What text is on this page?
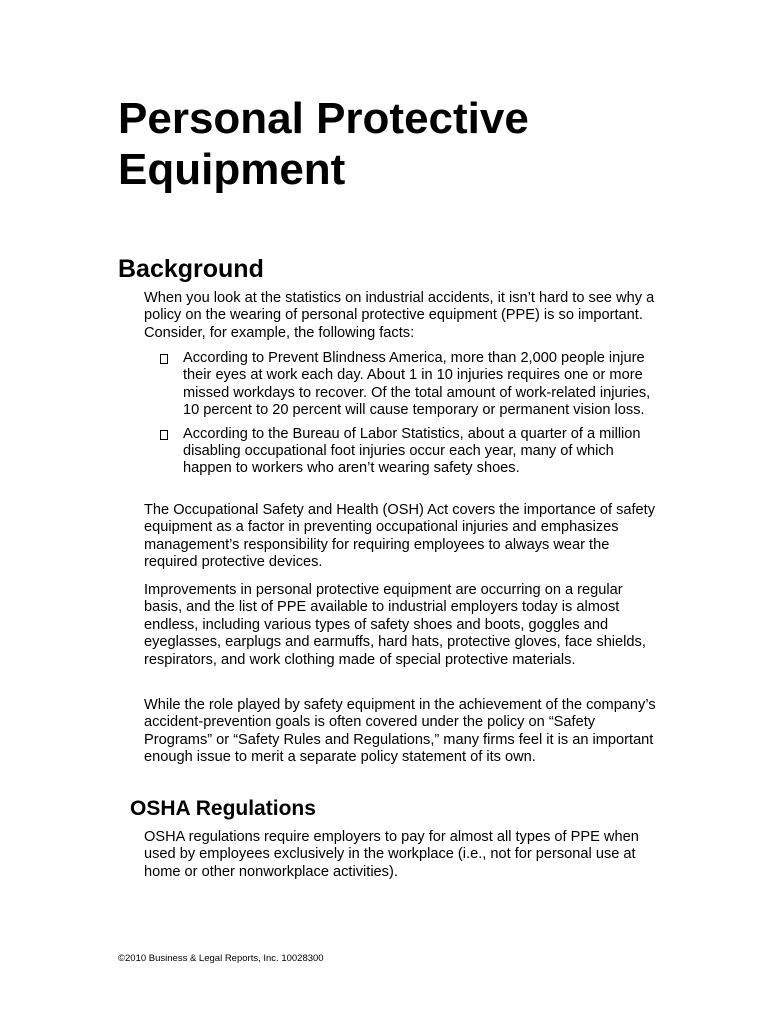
Personal Protective Equipment
Background

When you look at the statistics on industrial accidents, it isn’t hard to see why a policy on the wearing of personal protective equipment (PPE) is so important. Consider, for example, the following facts:

According to Prevent Blindness America, more than 2,000 people injure their eyes at work each day. About 1 in 10 injuries requires one or more missed workdays to recover. Of the total amount of work-related injuries, 10 percent to 20 percent will cause temporary or permanent vision loss.
According to the Bureau of Labor Statistics, about a quarter of a million disabling occupational foot injuries occur each year, many of which happen to workers who aren’t wearing safety shoes.

The Occupational Safety and Health (OSH) Act covers the importance of safety equipment as a factor in preventing occupational injuries and emphasizes management’s responsibility for requiring employees to always wear the required protective devices.

Improvements in personal protective equipment are occurring on a regular basis, and the list of PPE available to industrial employers today is almost endless, including various types of safety shoes and boots, goggles and eyeglasses, earplugs and earmuffs, hard hats, protective gloves, face shields, respirators, and work clothing made of special protective materials.

While the role played by safety equipment in the achievement of the company’s accident-prevention goals is often covered under the policy on “Safety Programs” or “Safety Rules and Regulations,” many firms feel it is an important enough issue to merit a separate policy statement of its own.

OSHA Regulations

OSHA regulations require employers to pay for almost all types of PPE when used by employees exclusively in the workplace (i.e., not for personal use at home or other nonworkplace activities).

©2010 Business & Legal Reports, Inc. 10028300
